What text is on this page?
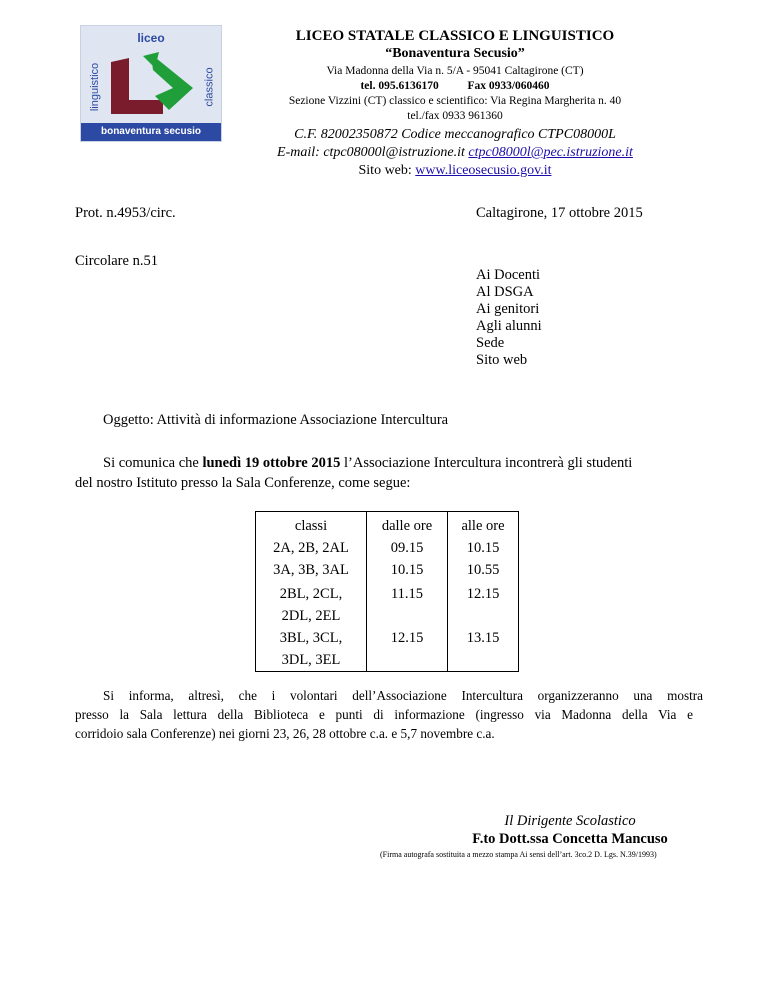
liceo
linguistico	classico
bonaventura secusio
LICEO STATALE CLASSICO E LINGUISTICO
“Bonaventura Secusio”
Via Madonna della Via n. 5/A - 95041 Caltagirone (CT)
tel. 095.6136170	Fax 0933/060460
Sezione Vizzini (CT) classico e scientifico: Via Regina Margherita n. 40
tel./fax 0933 961360
C.F. 82002350872 Codice meccanografico CTPC08000L
E-mail: ctpc08000l@istruzione.it ctpc08000l@pec.istruzione.it
Sito web: www.liceosecusio.gov.it
Prot. n.4953/circ.	Caltagirone, 17 ottobre 2015
Circolare n.51
Ai Docenti
Al DSGA
Ai genitori
Agli alunni
Sede
Sito web
Oggetto: Attività di informazione Associazione Intercultura
Si comunica che lunedì 19 ottobre 2015 l’Associazione Intercultura incontrerà gli studenti
del nostro Istituto presso la Sala Conferenze, come segue:
classi	dalle ore	alle ore
2A, 2B, 2AL	09.15	10.15
3A, 3B, 3AL	10.15	10.55

2BL, 2CL,
2DL, 2EL	11.15	12.15

3BL, 3CL,
3DL, 3EL	12.15	13.15
Si informa, altresì, che i volontari dell’Associazione Intercultura organizzeranno una mostra
presso la Sala lettura della Biblioteca e punti di informazione (ingresso via Madonna della Via e
corridoio sala Conferenze) nei giorni 23, 26, 28 ottobre c.a. e 5,7 novembre c.a.
Il Dirigente Scolastico
F.to Dott.ssa Concetta Mancuso
(Firma autografa sostituita a mezzo stampa Ai sensi dell’art. 3co.2 D. Lgs. N.39/1993)
